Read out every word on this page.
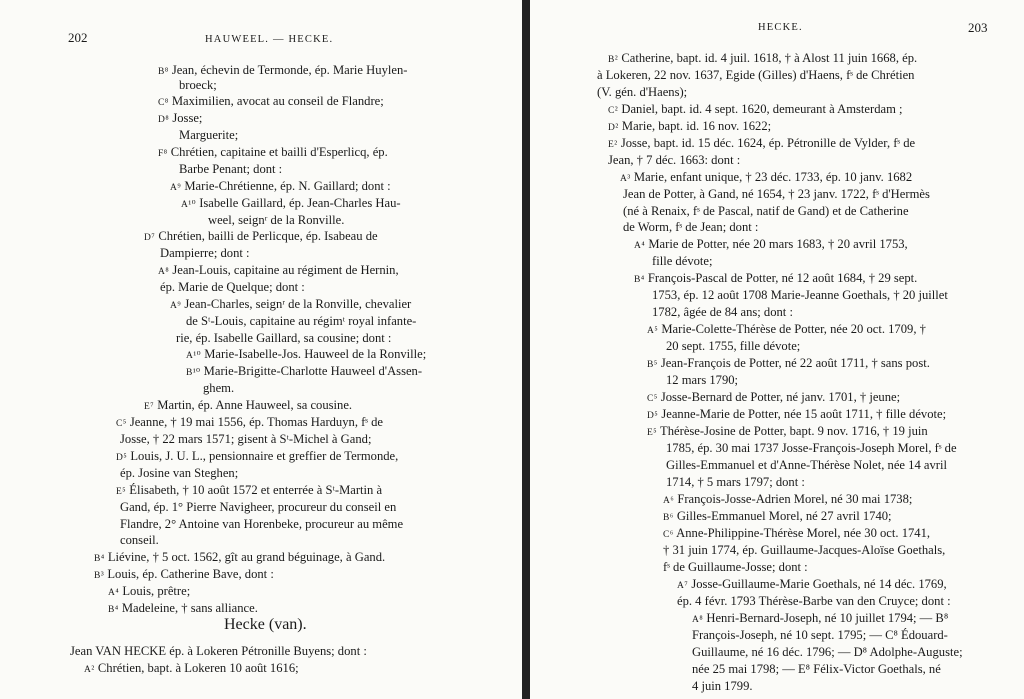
202	HAUWEEL. — HECKE.
B⁸ Jean, échevin de Termonde, ép. Marie Huylen-
broeck;
C⁸ Maximilien, avocat au conseil de Flandre;
D⁸ Josse;
Marguerite;
F⁸ Chrétien, capitaine et bailli d'Esperlicq, ép.
Barbe Penant; dont :
A⁹ Marie-Chrétienne, ép. N. Gaillard; dont :
A¹⁰ Isabelle Gaillard, ép. Jean-Charles Hau-
weel, seignʳ de la Ronville.
D⁷ Chrétien, bailli de Perlicque, ép. Isabeau de
Dampierre; dont :
A⁸ Jean-Louis, capitaine au régiment de Hernin,
ép. Marie de Quelque; dont :
A⁹ Jean-Charles, seignʳ de la Ronville, chevalier
de Sᵗ-Louis, capitaine au régimᵗ royal infante-
rie, ép. Isabelle Gaillard, sa cousine; dont :
A¹⁰ Marie-Isabelle-Jos. Hauweel de la Ronville;
B¹⁰ Marie-Brigitte-Charlotte Hauweel d'Assen-
ghem.
E⁷ Martin, ép. Anne Hauweel, sa cousine.
C⁵ Jeanne, † 19 mai 1556, ép. Thomas Harduyn, fˢ de
Josse, † 22 mars 1571; gisent à Sᵗ-Michel à Gand;
D⁵ Louis, J. U. L., pensionnaire et greffier de Termonde,
ép. Josine van Steghen;
E⁵ Élisabeth, † 10 août 1572 et enterrée à Sᵗ-Martin à
Gand, ép. 1° Pierre Navigheer, procureur du conseil en
Flandre, 2° Antoine van Horenbeke, procureur au même
conseil.
B⁴ Liévine, † 5 oct. 1562, gît au grand béguinage, à Gand.
B³ Louis, ép. Catherine Bave, dont :
A⁴ Louis, prêtre;
B⁴ Madeleine, † sans alliance.
Hecke (van).
Jean VAN HECKE ép. à Lokeren Pétronille Buyens; dont :
A² Chrétien, bapt. à Lokeren 10 août 1616;
HECKE.	203
B² Catherine, bapt. id. 4 juil. 1618, † à Alost 11 juin 1668, ép.
à Lokeren, 22 nov. 1637, Egide (Gilles) d'Haens, fˢ de Chrétien
(V. gén. d'Haens);
C² Daniel, bapt. id. 4 sept. 1620, demeurant à Amsterdam ;
D² Marie, bapt. id. 16 nov. 1622;
E² Josse, bapt. id. 15 déc. 1624, ép. Pétronille de Vylder, fˢ de
Jean, † 7 déc. 1663: dont :
A³ Marie, enfant unique, † 23 déc. 1733, ép. 10 janv. 1682
Jean de Potter, à Gand, né 1654, † 23 janv. 1722, fˢ d'Hermès
(né à Renaix, fˢ de Pascal, natif de Gand) et de Catherine
de Worm, fˢ de Jean; dont :
A⁴ Marie de Potter, née 20 mars 1683, † 20 avril 1753,
fille dévote;
B⁴ François-Pascal de Potter, né 12 août 1684, † 29 sept.
1753, ép. 12 août 1708 Marie-Jeanne Goethals, † 20 juillet
1782, âgée de 84 ans; dont :
A⁵ Marie-Colette-Thérèse de Potter, née 20 oct. 1709, †
20 sept. 1755, fille dévote;
B⁵ Jean-François de Potter, né 22 août 1711, † sans post.
12 mars 1790;
C⁵ Josse-Bernard de Potter, né janv. 1701, † jeune;
D⁵ Jeanne-Marie de Potter, née 15 août 1711, † fille dévote;
E⁵ Thérèse-Josine de Potter, bapt. 9 nov. 1716, † 19 juin
1785, ép. 30 mai 1737 Josse-François-Joseph Morel, fˢ de
Gilles-Emmanuel et d'Anne-Thérèse Nolet, née 14 avril
1714, † 5 mars 1797; dont :
A⁶ François-Josse-Adrien Morel, né 30 mai 1738;
B⁶ Gilles-Emmanuel Morel, né 27 avril 1740;
C⁶ Anne-Philippine-Thérèse Morel, née 30 oct. 1741,
† 31 juin 1774, ép. Guillaume-Jacques-Aloïse Goethals,
fˢ de Guillaume-Josse; dont :
A⁷ Josse-Guillaume-Marie Goethals, né 14 déc. 1769,
ép. 4 févr. 1793 Thérèse-Barbe van den Cruyce; dont :
A⁸ Henri-Bernard-Joseph, né 10 juillet 1794; — B⁸
François-Joseph, né 10 sept. 1795; — C⁸ Édouard-
Guillaume, né 16 déc. 1796; — D⁸ Adolphe-Auguste;
née 25 mai 1798; — E⁸ Félix-Victor Goethals, né
4 juin 1799.
